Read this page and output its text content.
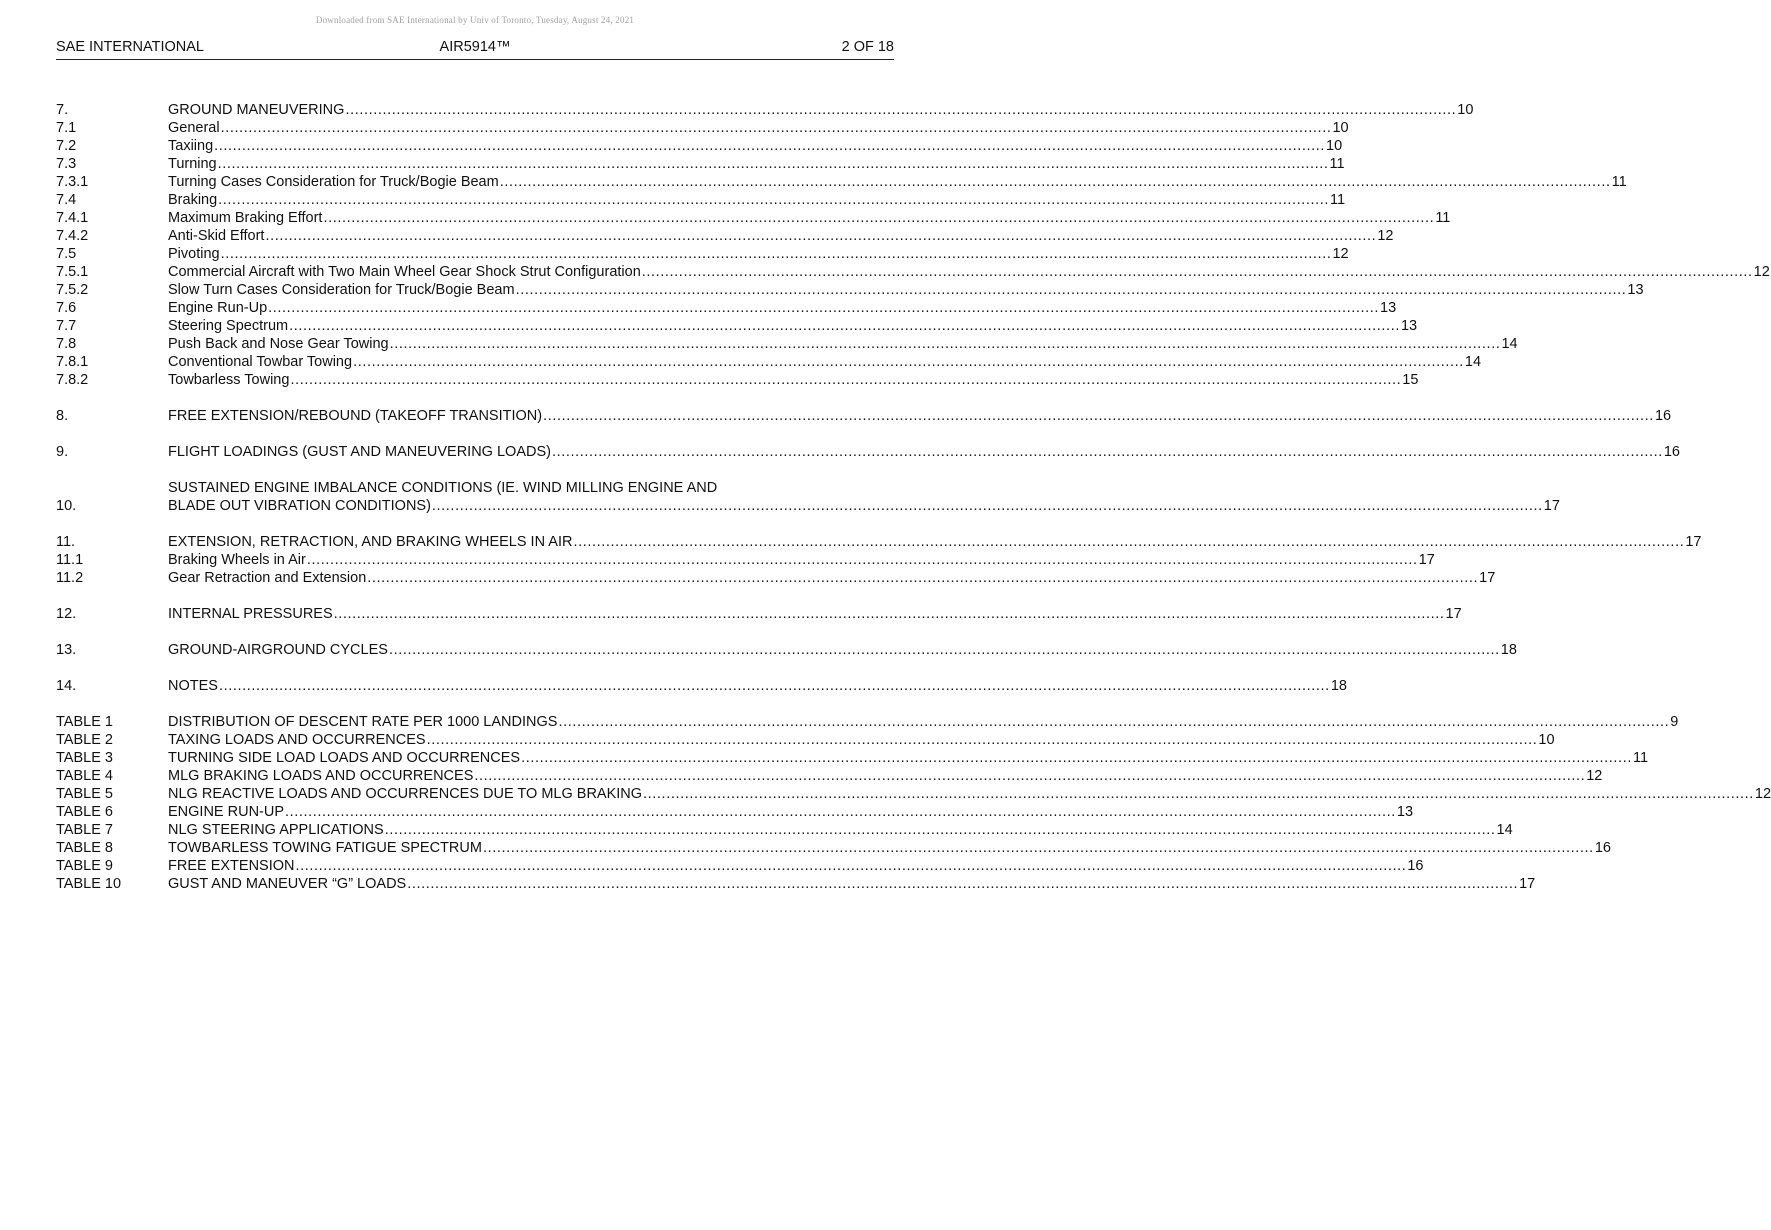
Downloaded from SAE International by Univ of Toronto, Tuesday, August 24, 2021
SAE INTERNATIONAL	AIR5914™	2 OF 18
7.	GROUND MANEUVERING .....	10
7.1	General .....	10
7.2	Taxiing .....	10
7.3	Turning .....	11
7.3.1	Turning Cases Consideration for Truck/Bogie Beam .....	11
7.4	Braking .....	11
7.4.1	Maximum Braking Effort .....	11
7.4.2	Anti-Skid Effort .....	12
7.5	Pivoting .....	12
7.5.1	Commercial Aircraft with Two Main Wheel Gear Shock Strut Configuration .....	12
7.5.2	Slow Turn Cases Consideration for Truck/Bogie Beam .....	13
7.6	Engine Run-Up .....	13
7.7	Steering Spectrum .....	13
7.8	Push Back and Nose Gear Towing .....	14
7.8.1	Conventional Towbar Towing .....	14
7.8.2	Towbarless Towing .....	15
8.	FREE EXTENSION/REBOUND (TAKEOFF TRANSITION) .....	16
9.	FLIGHT LOADINGS (GUST AND MANEUVERING LOADS) .....	16
10.
SUSTAINED ENGINE IMBALANCE CONDITIONS (IE. WIND MILLING ENGINE AND
BLADE OUT VIBRATION CONDITIONS) .....	17
11.	EXTENSION, RETRACTION, AND BRAKING WHEELS IN AIR .....	17
11.1	Braking Wheels in Air .....	17
11.2	Gear Retraction and Extension .....	17
12.	INTERNAL PRESSURES .....	17
13.	GROUND-AIRGROUND CYCLES .....	18
14.	NOTES .....	18
TABLE 1	DISTRIBUTION OF DESCENT RATE PER 1000 LANDINGS .....	9
TABLE 2	TAXING LOADS AND OCCURRENCES .....	10
TABLE 3	TURNING SIDE LOAD LOADS AND OCCURRENCES .....	11
TABLE 4	MLG BRAKING LOADS AND OCCURRENCES .....	12
TABLE 5	NLG REACTIVE LOADS AND OCCURRENCES DUE TO MLG BRAKING .....	12
TABLE 6	ENGINE RUN-UP .....	13
TABLE 7	NLG STEERING APPLICATIONS .....	14
TABLE 8	TOWBARLESS TOWING FATIGUE SPECTRUM .....	16
TABLE 9	FREE EXTENSION .....	16
TABLE 10	GUST AND MANEUVER “G” LOADS .....	17
